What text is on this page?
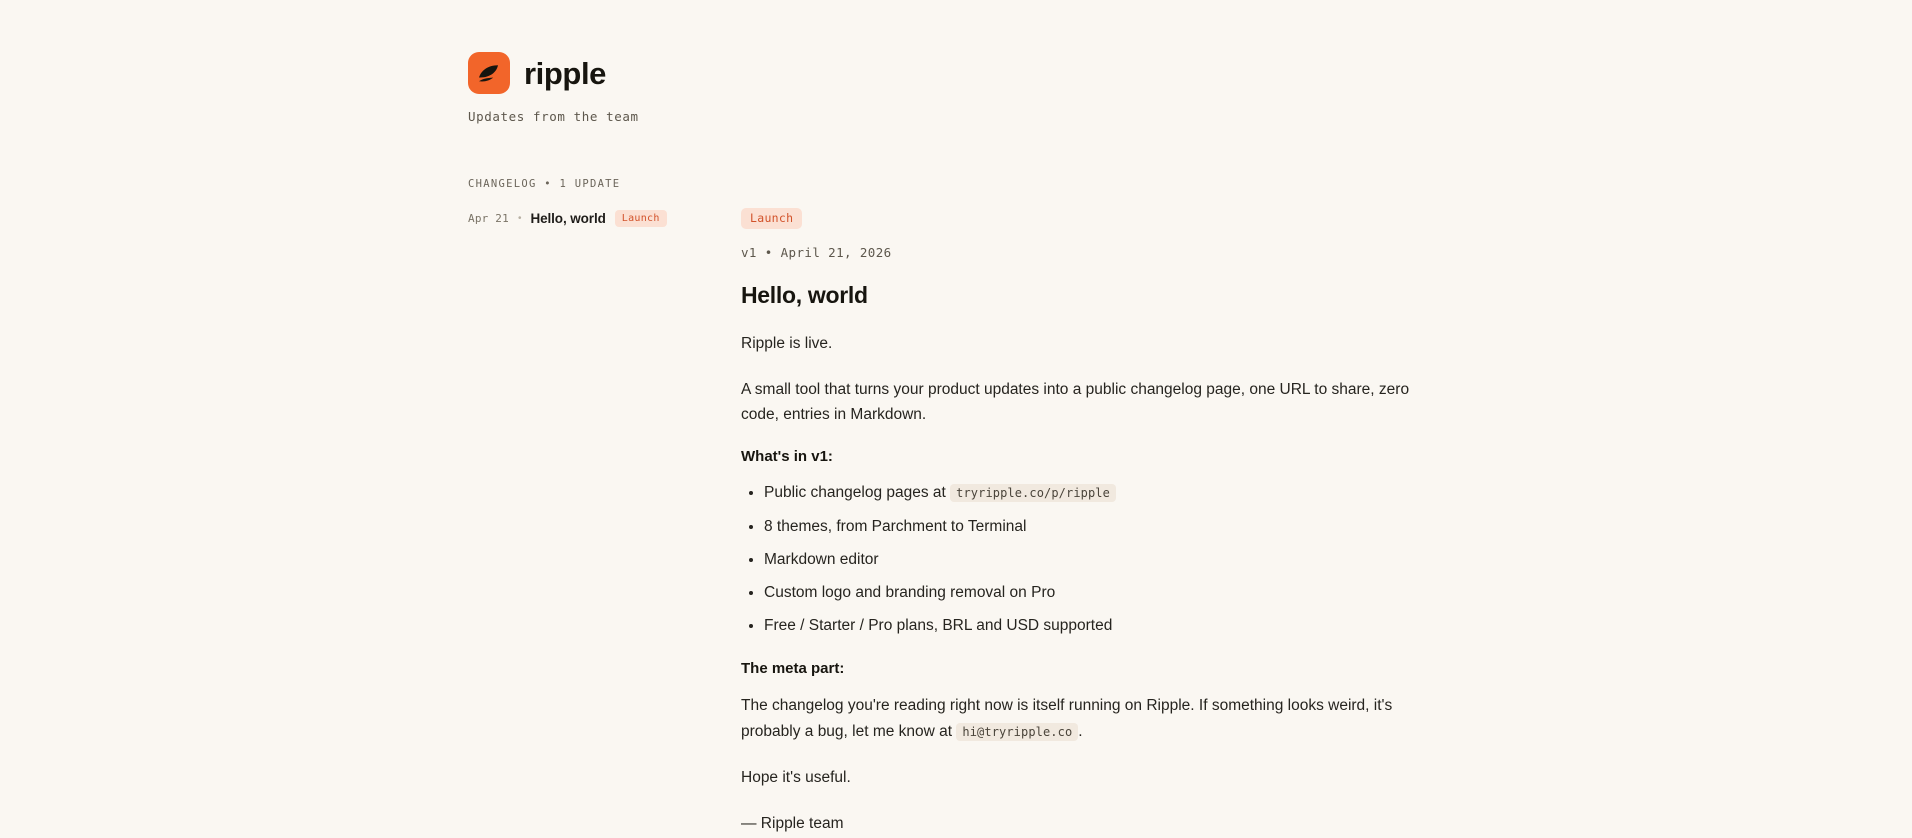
ripple
Updates from the team
CHANGELOG • 1 UPDATE
Apr 21 • Hello, world	Launch	Launch
v1 • April 21, 2026
Hello, world

Ripple is live.

A small tool that turns your product updates into a public changelog page, one URL to share, zero code, entries in Markdown.

What's in v1:
• Public changelog pages at tryripple.co/p/ripple
• 8 themes, from Parchment to Terminal
• Markdown editor
• Custom logo and branding removal on Pro
• Free / Starter / Pro plans, BRL and USD supported
The meta part:

The changelog you're reading right now is itself running on Ripple. If something looks weird, it's probably a bug, let me know at hi@tryripple.co .

Hope it's useful.

— Ripple team
